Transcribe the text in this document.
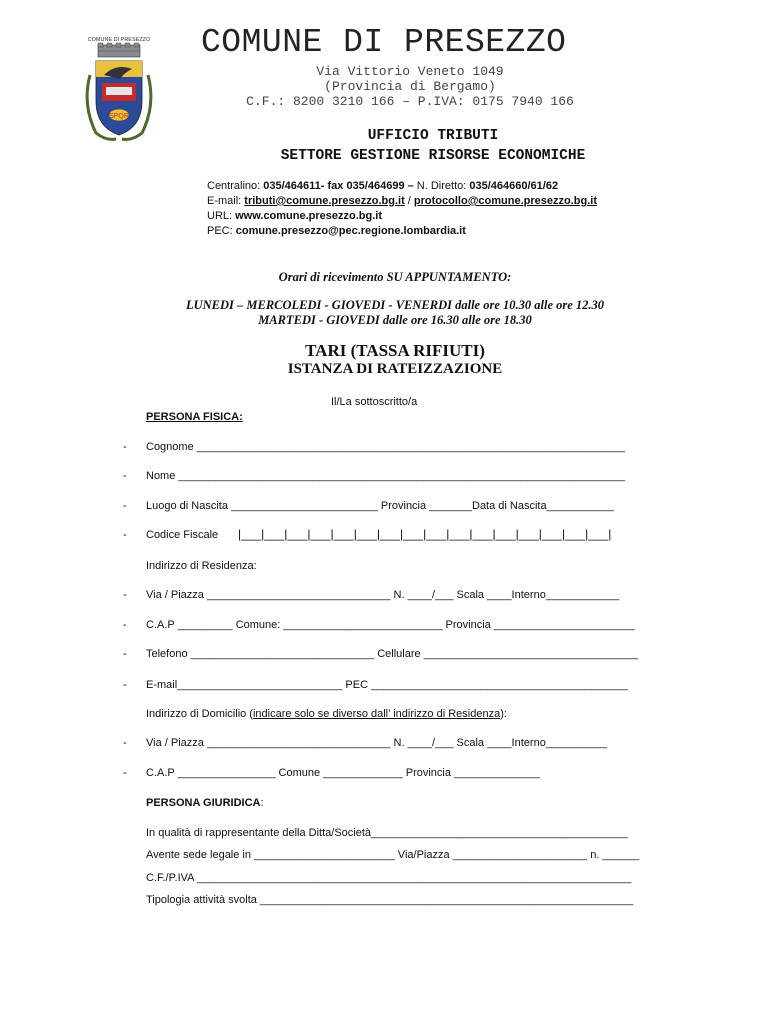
COMUNE DI PRESEZZO
SPQR
COMUNE DI PRESEZZO
Via Vittorio Veneto 1049
(Provincia di Bergamo)
C.F.: 8200 3210 166 – P.IVA: 0175 7940 166
UFFICIO TRIBUTI
SETTORE GESTIONE RISORSE ECONOMICHE
Centralino: 035/464611- fax 035/464699 – N. Diretto: 035/464660/61/62
E-mail: tributi@comune.presezzo.bg.it / protocollo@comune.presezzo.bg.it
URL: www.comune.presezzo.bg.it
PEC: comune.presezzo@pec.regione.lombardia.it
Orari di ricevimento SU APPUNTAMENTO:
LUNEDI – MERCOLEDI - GIOVEDI - VENERDI dalle ore 10.30 alle ore 12.30
MARTEDI - GIOVEDI dalle ore 16.30 alle ore 18.30
TARI (TASSA RIFIUTI)
ISTANZA DI RATEIZZAZIONE
Il/La sottoscritto/a
PERSONA FISICA:
- Cognome ______________________________________________________________________
- Nome _________________________________________________________________________
- Luogo di Nascita ________________________ Provincia _______Data di Nascita___________
- Codice Fiscale |___|___|___|___|___|___|___|___|___|___|___|___|___|___|___|___|
Indirizzo di Residenza:
- Via / Piazza ______________________________ N. ____/___ Scala ____Interno____________
- C.A.P _________ Comune: __________________________ Provincia _______________________
- Telefono ______________________________ Cellulare ___________________________________
- E-mail___________________________ PEC __________________________________________
Indirizzo di Domicilio (indicare solo se diverso dall’ indirizzo di Residenza):
- Via / Piazza ______________________________ N. ____/___ Scala ____Interno__________
- C.A.P ________________ Comune _____________ Provincia ______________
PERSONA GIURIDICA:
In qualità di rappresentante della Ditta/Società__________________________________________
Avente sede legale in _______________________ Via/Piazza ______________________ n. ______
C.F./P.IVA _______________________________________________________________________
Tipologia attività svolta _____________________________________________________________
